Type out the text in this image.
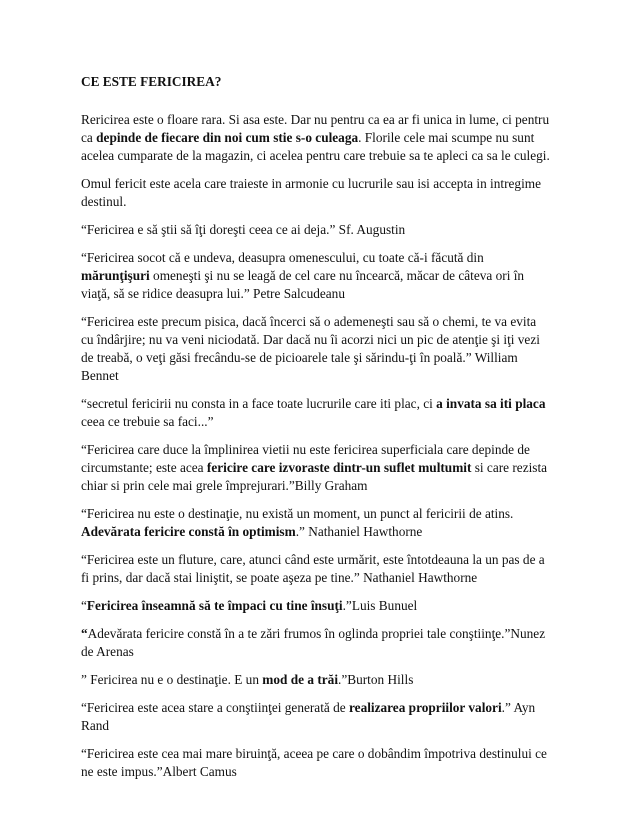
CE ESTE FERICIREA?

Rericirea este o floare rara. Si asa este. Dar nu pentru ca ea ar fi unica in lume, ci pentru ca depinde de fiecare din noi cum stie s-o culeaga. Florile cele mai scumpe nu sunt acelea cumparate de la magazin, ci acelea pentru care trebuie sa te apleci ca sa le culegi.

Omul fericit este acela care traieste in armonie cu lucrurile sau isi accepta in intregime destinul.

“Fericirea e să ştii să îţi doreşti ceea ce ai deja.” Sf. Augustin

“Fericirea socot că e undeva, deasupra omenescului, cu toate că-i făcută din mărunţişuri omeneşti şi nu se leagă de cel care nu încearcă, măcar de câteva ori în viaţă, să se ridice deasupra lui.” Petre Salcudeanu

“Fericirea este precum pisica, dacă încerci să o ademeneşti sau să o chemi, te va evita cu îndârjire; nu va veni niciodată. Dar dacă nu îi acorzi nici un pic de atenţie şi iţi vezi de treabă, o veţi găsi frecându-se de picioarele tale şi sărindu-ţi în poală.” William Bennet

“secretul fericirii nu consta in a face toate lucrurile care iti plac, ci a invata sa iti placa ceea ce trebuie sa faci...”

“Fericirea care duce la împlinirea vietii nu este fericirea superficiala care depinde de circumstante; este acea fericire care izvoraste dintr-un suflet multumit si care rezista chiar si prin cele mai grele împrejurari.”Billy Graham

“Fericirea nu este o destinaţie, nu există un moment, un punct al fericirii de atins. Adevărata fericire constă în optimism.” Nathaniel Hawthorne

“Fericirea este un fluture, care, atunci când este urmărit, este întotdeauna la un pas de a fi prins, dar dacă stai liniştit, se poate aşeza pe tine.” Nathaniel Hawthorne

“Fericirea înseamnă să te împaci cu tine însuţi.”Luis Bunuel

“Adevărata fericire constă în a te zări frumos în oglinda propriei tale conştiinţe.”Nunez de Arenas

” Fericirea nu e o destinaţie. E un mod de a trăi.”Burton Hills

“Fericirea este acea stare a conştiinţei generată de realizarea propriilor valori.” Ayn Rand

“Fericirea este cea mai mare biruinţă, aceea pe care o dobândim împotriva destinului ce ne este impus.”Albert Camus
